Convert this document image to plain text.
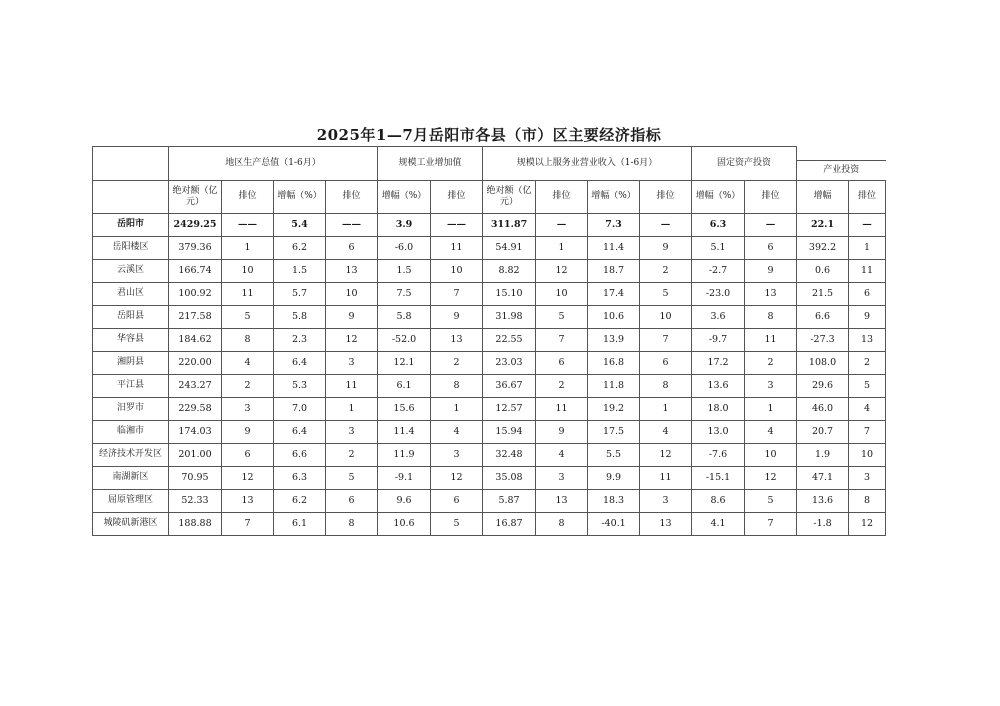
2025年1—7月岳阳市各县（市）区主要经济指标
	地区生产总值（1-6月）				规模工业增加值		规模以上服务业营业收入（1-6月）				固定资产投资		产业投资	

	绝对额（亿元）	排位	增幅（%）	排位	增幅（%）	排位	绝对额（亿元）	排位	增幅（%）	排位	增幅（%）	排位	增幅	排位
岳阳市	2429.25	——	5.4	——	3.9	——	311.87	—	7.3	—	6.3	—	22.1	—
岳阳楼区	379.36	1	6.2	6	-6.0	11	54.91	1	11.4	9	5.1	6	392.2	1
云溪区	166.74	10	1.5	13	1.5	10	8.82	12	18.7	2	-2.7	9	0.6	11
君山区	100.92	11	5.7	10	7.5	7	15.10	10	17.4	5	-23.0	13	21.5	6
岳阳县	217.58	5	5.8	9	5.8	9	31.98	5	10.6	10	3.6	8	6.6	9
华容县	184.62	8	2.3	12	-52.0	13	22.55	7	13.9	7	-9.7	11	-27.3	13
湘阴县	220.00	4	6.4	3	12.1	2	23.03	6	16.8	6	17.2	2	108.0	2
平江县	243.27	2	5.3	11	6.1	8	36.67	2	11.8	8	13.6	3	29.6	5
汨罗市	229.58	3	7.0	1	15.6	1	12.57	11	19.2	1	18.0	1	46.0	4
临湘市	174.03	9	6.4	3	11.4	4	15.94	9	17.5	4	13.0	4	20.7	7
经济技术开发区	201.00	6	6.6	2	11.9	3	32.48	4	5.5	12	-7.6	10	1.9	10
南湖新区	70.95	12	6.3	5	-9.1	12	35.08	3	9.9	11	-15.1	12	47.1	3
屈原管理区	52.33	13	6.2	6	9.6	6	5.87	13	18.3	3	8.6	5	13.6	8
城陵矶新港区	188.88	7	6.1	8	10.6	5	16.87	8	-40.1	13	4.1	7	-1.8	12
